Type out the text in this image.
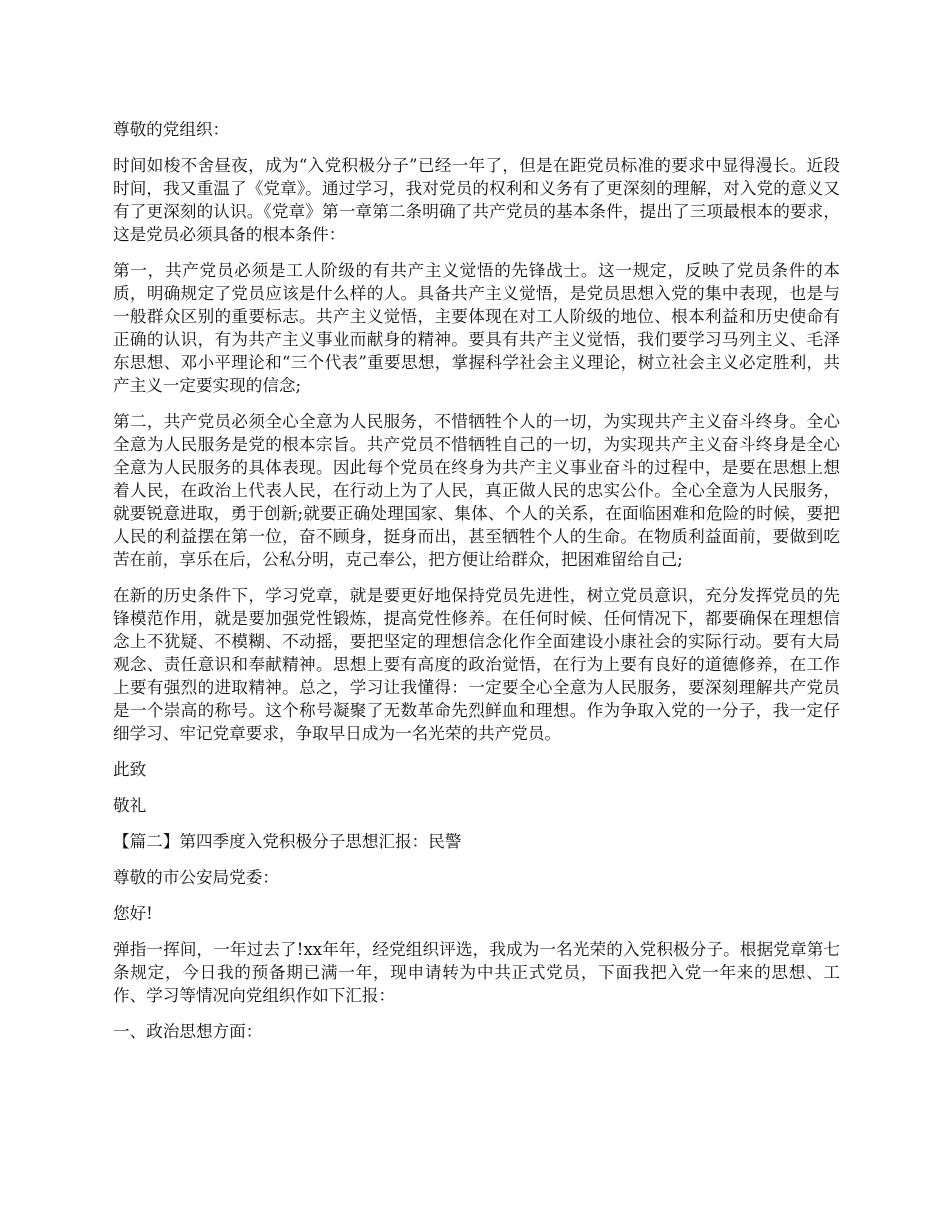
尊敬的党组织：

时间如梭不舍昼夜，成为“入党积极分子”已经一年了，但是在距党员标准的要求中显得漫长。近段时间，我又重温了《党章》。通过学习，我对党员的权利和义务有了更深刻的理解，对入党的意义又有了更深刻的认识。《党章》第一章第二条明确了共产党员的基本条件，提出了三项最根本的要求，这是党员必须具备的根本条件：

第一，共产党员必须是工人阶级的有共产主义觉悟的先锋战士。这一规定，反映了党员条件的本质，明确规定了党员应该是什么样的人。具备共产主义觉悟，是党员思想入党的集中表现，也是与一般群众区别的重要标志。共产主义觉悟，主要体现在对工人阶级的地位、根本利益和历史使命有正确的认识，有为共产主义事业而献身的精神。要具有共产主义觉悟，我们要学习马列主义、毛泽东思想、邓小平理论和“三个代表”重要思想，掌握科学社会主义理论，树立社会主义必定胜利，共产主义一定要实现的信念;

第二，共产党员必须全心全意为人民服务，不惜牺牲个人的一切，为实现共产主义奋斗终身。全心全意为人民服务是党的根本宗旨。共产党员不惜牺牲自己的一切，为实现共产主义奋斗终身是全心全意为人民服务的具体表现。因此每个党员在终身为共产主义事业奋斗的过程中，是要在思想上想着人民，在政治上代表人民，在行动上为了人民，真正做人民的忠实公仆。全心全意为人民服务，就要锐意进取，勇于创新;就要正确处理国家、集体、个人的关系，在面临困难和危险的时候，要把人民的利益摆在第一位，奋不顾身，挺身而出，甚至牺牲个人的生命。在物质利益面前，要做到吃苦在前，享乐在后，公私分明，克己奉公，把方便让给群众，把困难留给自己;

在新的历史条件下，学习党章，就是要更好地保持党员先进性，树立党员意识，充分发挥党员的先锋模范作用，就是要加强党性锻炼，提高党性修养。在任何时候、任何情况下，都要确保在理想信念上不犹疑、不模糊、不动摇，要把坚定的理想信念化作全面建设小康社会的实际行动。要有大局观念、责任意识和奉献精神。思想上要有高度的政治觉悟，在行为上要有良好的道德修养，在工作上要有强烈的进取精神。总之，学习让我懂得：一定要全心全意为人民服务，要深刻理解共产党员是一个崇高的称号。这个称号凝聚了无数革命先烈鲜血和理想。作为争取入党的一分子，我一定仔细学习、牢记党章要求，争取早日成为一名光荣的共产党员。

此致

敬礼

【篇二】第四季度入党积极分子思想汇报：民警

尊敬的市公安局党委：

您好!

弹指一挥间，一年过去了!xx年年，经党组织评选，我成为一名光荣的入党积极分子。根据党章第七条规定，今日我的预备期已满一年，现申请转为中共正式党员，下面我把入党一年来的思想、工作、学习等情况向党组织作如下汇报：

一、政治思想方面：
